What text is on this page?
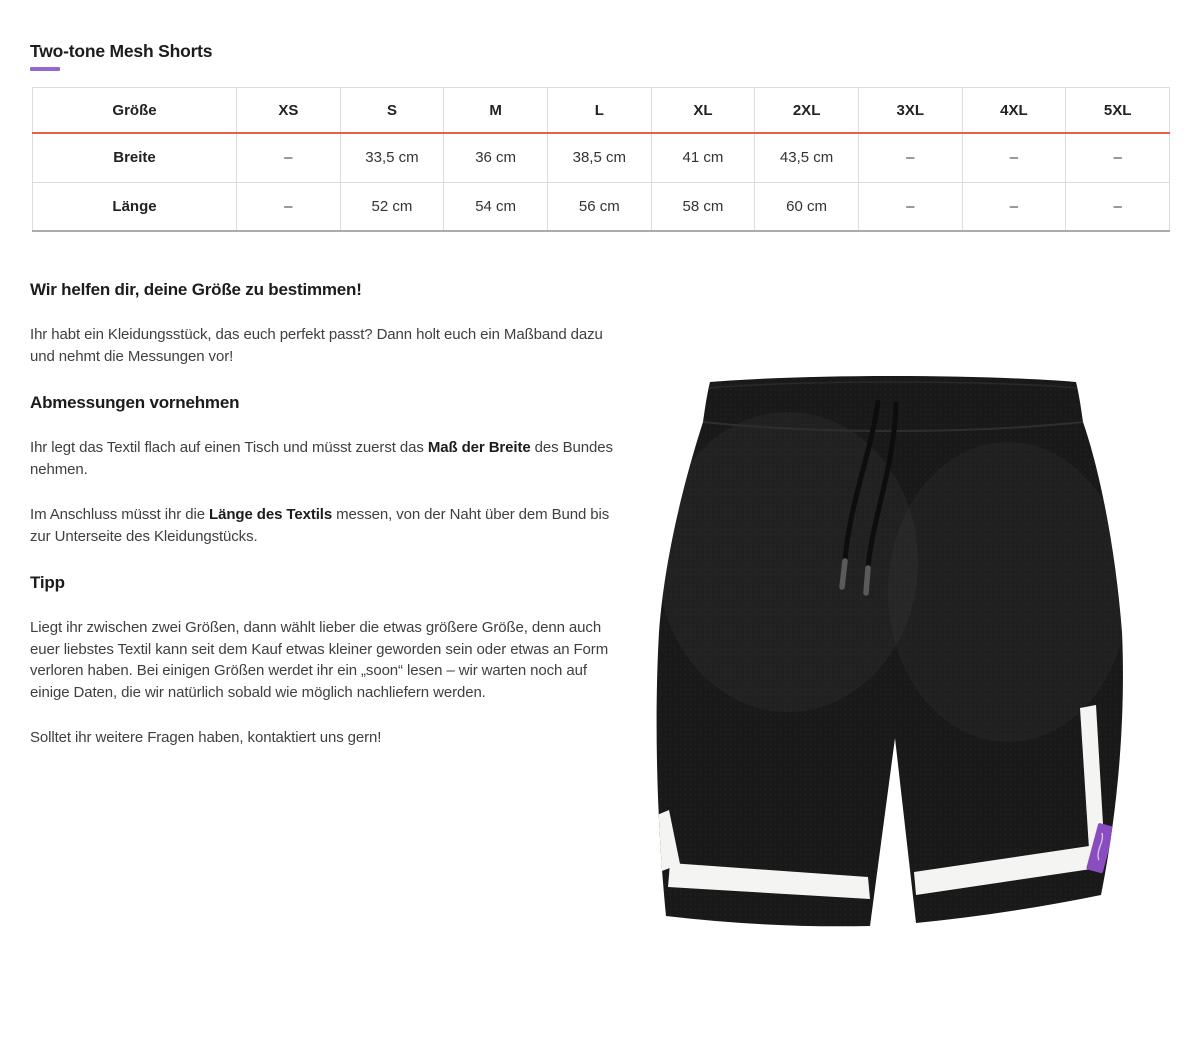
Two-tone Mesh Shorts
Größe	XS	S	M	L	XL	2XL	3XL	4XL	5XL
Breite	–	33,5 cm	36 cm	38,5 cm	41 cm	43,5 cm	–	–	–
Länge	–	52 cm	54 cm	56 cm	58 cm	60 cm	–	–	–
Wir helfen dir, deine Größe zu bestimmen!

Ihr habt ein Kleidungsstück, das euch perfekt passt? Dann holt euch ein Maßband dazu und nehmt die Messungen vor!

Abmessungen vornehmen

Ihr legt das Textil flach auf einen Tisch und müsst zuerst das Maß der Breite des Bundes nehmen.

Im Anschluss müsst ihr die Länge des Textils messen, von der Naht über dem Bund bis zur Unterseite des Kleidungstücks.

Tipp

Liegt ihr zwischen zwei Größen, dann wählt lieber die etwas größere Größe, denn auch euer liebstes Textil kann seit dem Kauf etwas kleiner geworden sein oder etwas an Form verloren haben. Bei einigen Größen werdet ihr ein „soon“ lesen – wir warten noch auf einige Daten, die wir natürlich sobald wie möglich nachliefern werden.

Solltet ihr weitere Fragen haben, kontaktiert uns gern!
